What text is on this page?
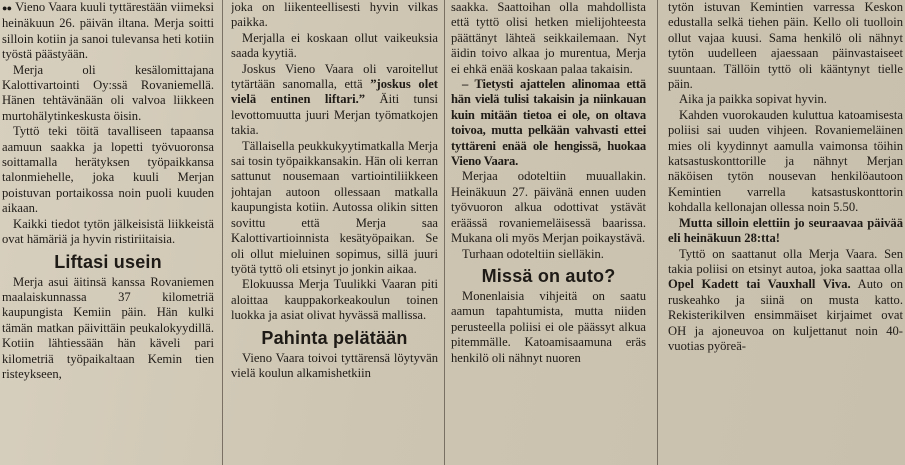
●● Vieno Vaara kuuli tyttärestään viimeksi heinäkuun 26. päivän iltana. Merja soitti silloin kotiin ja sanoi tulevansa heti kotiin työstä päästyään.

Merja oli kesälomittajana Kalottivartointi Oy:ssä Rovaniemellä. Hänen tehtävänään oli valvoa liikkeen murtohälytinkeskusta öisin.

Tyttö teki töitä tavalliseen tapaansa aamuun saakka ja lopetti työvuoronsa soittamalla herätyksen työpaikkansa talonmiehelle, joka kuuli Merjan poistuvan portaikossa noin puoli kuuden aikaan.

Kaikki tiedot tytön jälkeisistä liikkeistä ovat hämäriä ja hyvin ristiriitaisia.

Liftasi usein

Merja asui äitinsä kanssa Rovaniemen maalaiskunnassa 37 kilometriä kaupungista Kemiin päin. Hän kulki tämän matkan päivittäin peukalokyydillä. Kotiin lähtiessään hän käveli pari kilometriä työpaikaltaan Kemin tien risteykseen,

joka on liikenteellisesti hyvin vilkas paikka.

Merjalla ei koskaan ollut vaikeuksia saada kyytiä.

Joskus Vieno Vaara oli varoitellut tytärtään sanomalla, että ”joskus olet vielä entinen liftari.” Äiti tunsi levottomuutta juuri Merjan työmatkojen takia.

Tällaisella peukkukyytimatkalla Merja sai tosin työpaikkansakin. Hän oli kerran sattunut nousemaan vartiointiliikkeen johtajan autoon ollessaan matkalla kaupungista kotiin. Autossa olikin sitten sovittu että Merja saa Kalottivartioinnista kesätyöpaikan. Se oli ollut mieluinen sopimus, sillä juuri työtä tyttö oli etsinyt jo jonkin aikaa.

Elokuussa Merja Tuulikki Vaaran piti aloittaa kauppakorkeakoulun toinen luokka ja asiat olivat hyvässä mallissa.

Pahinta pelätään

Vieno Vaara toivoi tyttärensä löytyvän vielä koulun alkamishetkiin

saakka. Saattoihan olla mahdollista että tyttö olisi hetken mielijohteesta päättänyt lähteä seikkailemaan. Nyt äidin toivo alkaa jo murentua, Merja ei ehkä enää koskaan palaa takaisin.

– Tietysti ajattelen alinomaa että hän vielä tulisi takaisin ja niinkauan kuin mitään tietoa ei ole, on oltava toivoa, mutta pelkään vahvasti ettei tyttäreni enää ole hengissä, huokaa Vieno Vaara.

Merjaa odoteltiin muuallakin. Heinäkuun 27. päivänä ennen uuden työvuoron alkua odottivat ystävät eräässä rovaniemeläisessä baarissa. Mukana oli myös Merjan poikaystävä.

Turhaan odoteltiin sielläkin.

Missä on auto?

Monenlaisia vihjeitä on saatu aamun tapahtumista, mutta niiden perusteella poliisi ei ole päässyt alkua pitemmälle. Katoamisaamuna eräs henkilö oli nähnyt nuoren

tytön istuvan Kemintien varressa Keskon edustalla selkä tiehen päin. Kello oli tuolloin ollut vajaa kuusi. Sama henkilö oli nähnyt tytön uudelleen ajaessaan päinvastaiseet suuntaan. Tällöin tyttö oli kääntynyt tielle päin.

Aika ja paikka sopivat hyvin.

Kahden vuorokauden kuluttua katoamisesta poliisi sai uuden vihjeen. Rovaniemeläinen mies oli kyydinnyt aamulla vaimonsa töihin katsastuskonttorille ja nähnyt Merjan näköisen tytön nousevan henkilöautoon Kemintien varrella katsastuskonttorin kohdalla kellonajan ollessa noin 5.50.

Mutta silloin elettiin jo seuraavaa päivää eli heinäkuun 28:tta!

Tyttö on saattanut olla Merja Vaara. Sen takia poliisi on etsinyt autoa, joka saattaa olla Opel Kadett tai Vauxhall Viva. Auto on ruskeahko ja siinä on musta katto. Rekisterikilven ensimmäiset kirjaimet ovat OH ja ajoneuvoa on kuljettanut noin 40-vuotias pyöreä-
